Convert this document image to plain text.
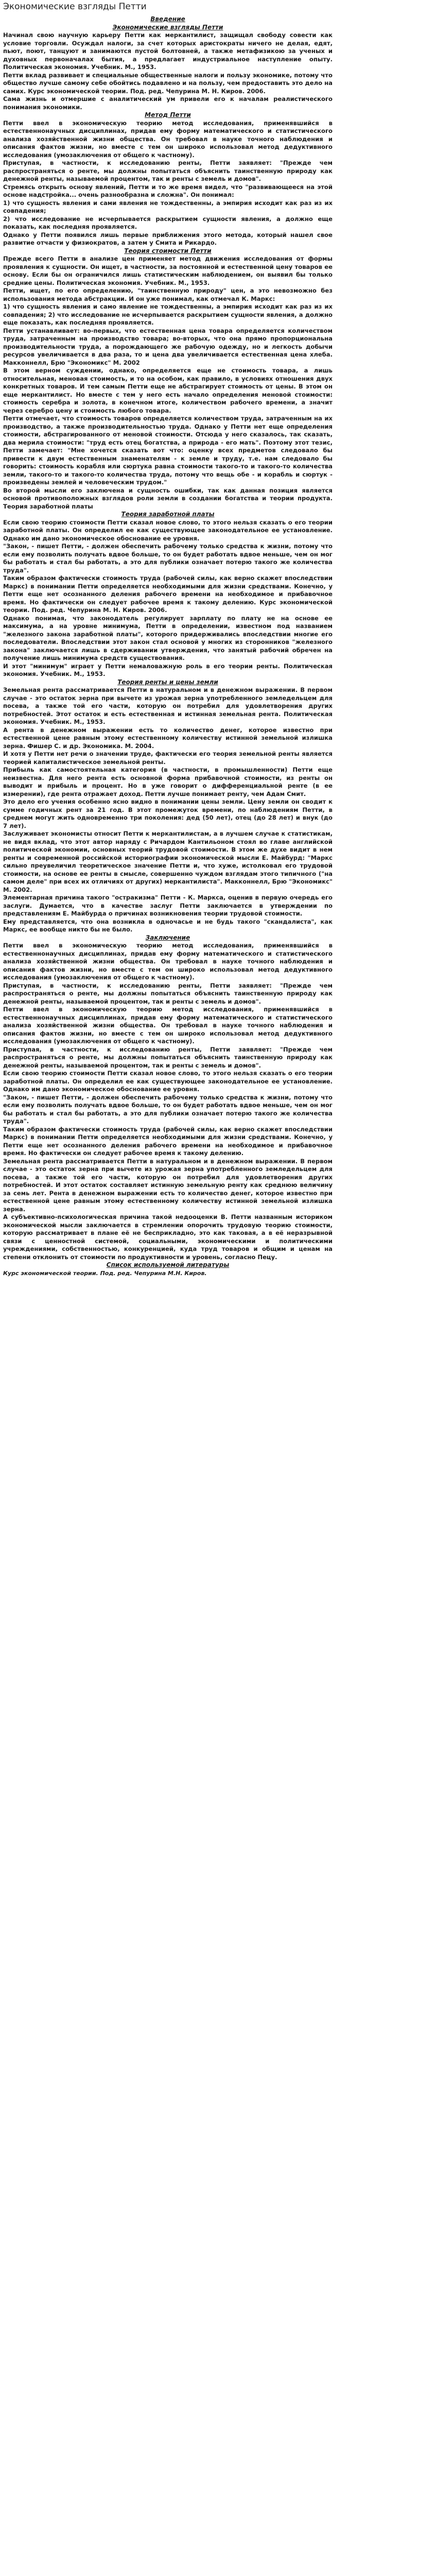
Экономические взгляды Петти
Введение
Экономические взгляды Петти

Начинал свою научную карьеру Петти как меркантилист, защищал свободу совести как условие торговли. Осуждал налоги, за счет которых аристократы ничего не делая, едят, пьют, поют, танцуют и занимаются пустой болтовней, а также метафизикою за ученых и духовных первоначалах бытия, а предлагает индустриальное наступление опыту. Политическая экономия. Учебник. М., 1953.

Петти вклад развивает и специальные общественные налоги и пользу экономике, потому что общество лучше самому себе обойтись подавлено и на пользу, чем предоставить это дело на самих. Курс экономической теории. Под. ред. Чепурина М. Н. Киров. 2006.

Сама жизнь и отмершие с аналитический ум привели его к началам реалистического понимания экономики.

Метод Петти

Петти ввел в экономическую теорию метод исследования, применявшийся в естественнонаучных дисциплинах, придав ему форму математического и статистического анализа хозяйственной жизни общества. Он требовал в науке точного наблюдения и описания фактов жизни, но вместе с тем он широко использовал метод дедуктивного исследования (умозаключения от общего к частному).

Приступая, в частности, к исследованию ренты, Петти заявляет: "Прежде чем распространяться о ренте, мы должны попытаться объяснить таинственную природу как денежной ренты, называемой процентом, так и ренты с земель и домов".

Стремясь открыть основу явлений, Петти и то же время видел, что "развивающееся на этой основе надстройка... очень разнообразна и сложна". Он понимал:

1) что сущность явления и сами явления не тождественны, а эмпирия исходит как раз из их совпадения;

2) что исследование не исчерпывается раскрытием сущности явления, а должно еще показать, как последняя проявляется.

Однако у Петти появился лишь первые приближения этого метода, который нашел свое развитие отчасти у физиократов, а затем у Смита и Рикардо.

Теория стоимости Петти

Прежде всего Петти в анализе цен применяет метод движения исследования от формы проявления к сущности. Он ищет, в частности, за постоянной и естественной цену товаров ее основу. Если бы он ограничился лишь статистическим наблюдением, он выявил бы только средние цены. Политическая экономия. Учебник. М., 1953.

Петти, ищет, по его определению, "таинственную природу" цен, а это невозможно без использования метода абстракции. И он уже понимал, как отмечал К. Маркс:

1) что сущность явления и само явление не тождественны, а эмпирия исходит как раз из их совпадения; 2) что исследование не исчерпывается раскрытием сущности явления, а должно еще показать, как последняя проявляется.

Петти устанавливает: во-первых, что естественная цена товара определяется количеством труда, затраченным на производство товара; во-вторых, что она прямо пропорциональна производительности труда, а порождающего же рабочую одежду, но и легкость добычи ресурсов увеличивается в два раза, то и цена два увеличивается естественная цена хлеба. Макконнелл, Брю "Экономикс" М. 2002

В этом верном суждении, однако, определяется еще не стоимость товара, а лишь относительная, меновая стоимость, и то на особом, как правило, в условиях отношения двух конкретных товаров. И тем самым Петти еще не абстрагирует стоимость от цены. В этом он еще меркантилист. Но вместе с тем у него есть начало определения меновой стоимости: стоимость серебра и золота, в конечном итоге, количеством рабочего времени, а значит через серебро цену и стоимость любого товара.

Петти отмечает, что стоимость товаров определяется количеством труда, затраченным на их производство, а также производительностью труда. Однако у Петти нет еще определения стоимости, абстрагированного от меновой стоимости. Отсюда у него сказалось, так сказать, два мерила стоимости: "труд есть отец богатства, а природа - его мать". Поэтому этот тезис, Петти замечает: "Мне хочется сказать вот что: оценку всех предметов следовало бы привести к двум естественным знаменателям - к земле и труду, т.е. нам следовало бы говорить: стоимость корабля или сюртука равна стоимости такого-то и такого-то количества земли, такого-то и такого-то количества труда, потому что вещь обе - и корабль и сюртук - произведены землей и человеческим трудом."

Во второй мысли его заключена и сущность ошибки, так как данная позиция является основой противоположных взглядов роли земли в создании богатства и теории продукта. Теория заработной платы

Теория заработной платы

Если свою теорию стоимости Петти сказал новое слово, то этого нельзя сказать о его теории заработной платы. Он определил ее как существующее законодательное ее установление. Однако им дано экономическое обоснование ее уровня.

"Закон, - пишет Петти, - должен обеспечить рабочему только средства к жизни, потому что если ему позволить получать вдвое больше, то он будет работать вдвое меньше, чем он мог бы работать и стал бы работать, а это для публики означает потерю такого же количества труда".

Таким образом фактически стоимость труда (рабочей силы, как верно скажет впоследствии Маркс) в понимании Петти определяется необходимыми для жизни средствами. Конечно, у Петти еще нет осознанного деления рабочего времени на необходимое и прибавочное время. Но фактически он следует рабочее время к такому делению. Курс экономической теории. Под. ред. Чепурина М. Н. Киров. 2006.

Однако понимая, что законодатель регулирует зарплату по плату не на основе ее максимума, а на уровне минимума, Петти в определении, известном под названием "железного закона заработной платы", которого придерживались впоследствии многие его последователи. Впоследствии этот закон стал основой у многих из сторонников "железного закона" заключается лишь в сдерживании утверждения, что занятый рабочий обречен на получение лишь минимума средств существования.

И этот "минимум" играет у Петти немаловажную роль в его теории ренты. Политическая экономия. Учебник. М., 1953.

Теория ренты и цены земли

Земельная рента рассматривается Петти в натуральном и в денежном выражении. В первом случае - это остаток зерна при вычете из урожая зерна употребленного земледельцем для посева, а также той его части, которую он потребил для удовлетворения других потребностей. Этот остаток и есть естественная и истинная земельная рента. Политическая экономия. Учебник. М., 1953.

А рента в денежном выражении есть то количество денег, которое известно при естественной цене равным этому естественному количеству истинной земельной излишка зерна. Фишер С. и др. Экономика. М. 2004.

И хотя у Петти нет речи о значении труде, фактически его теория земельной ренты является теорией капиталистическое земельной ренты.

Прибыль как самостоятельная категория (в частности, в промышленности) Петти еще неизвестна. Для него рента есть основной форма прибавочной стоимости, из ренты он выводит и прибыль и процент. Но в уже говорит о дифференциальной ренте (в ее измерении), где рента отражает доход. Петти лучше понимает ренту, чем Адам Смит.

Это дело его учения особенно ясно видно в понимании цены земли. Цену земли он сводит к сумме годичных рент за 21 год. В этот промежуток времени, по наблюдениям Петти, в среднем могут жить одновременно три поколения: дед (50 лет), отец (до 28 лет) и внук (до 7 лет).

Заслуживает экономисты относит Петти к меркантилистам, а в лучшем случае к статистикам, не видя вклад, что этот автор наряду с Ричардом Кантильоном стоял во главе английской политической экономии, основных теорий трудовой стоимости. В этом же духе видит в нем ренты и современной российской историографии экономической мысли Е. Майбурд: "Маркс сильно преувеличил теоретическое значение Петти и, что хуже, истолковал его трудовой стоимости, на основе ее ренты в смысле, совершенно чуждом взглядам этого типичного ("на самом деле" при всех их отличиях от других) меркантилиста". Макконнелл, Брю "Экономикс" М. 2002.

Элементарная причина такого "остракизма" Петти - К. Маркса, оценив в первую очередь его заслуги. Думается, что в качестве заслуг Петти заключается в утверждении по представлениям Е. Майбурда о причинах возникновения теории трудовой стоимости.

Ему представляется, что она возникла в одночасье и не будь такого "скандалиста", как Маркс, ее вообще никто бы не было.

Заключение

Петти ввел в экономическую теорию метод исследования, применявшийся в естественнонаучных дисциплинах, придав ему форму математического и статистического анализа хозяйственной жизни общества. Он требовал в науке точного наблюдения и описания фактов жизни, но вместе с тем он широко использовал метод дедуктивного исследования (умозаключения от общего к частному).

Приступая, в частности, к исследованию ренты, Петти заявляет: "Прежде чем распространяться о ренте, мы должны попытаться объяснить таинственную природу как денежной ренты, называемой процентом, так и ренты с земель и домов".

Петти ввел в экономическую теорию метод исследования, применявшийся в естественнонаучных дисциплинах, придав ему форму математического и статистического анализа хозяйственной жизни общества. Он требовал в науке точного наблюдения и описания фактов жизни, но вместе с тем он широко использовал метод дедуктивного исследования (умозаключения от общего к частному).

Приступая, в частности, к исследованию ренты, Петти заявляет: "Прежде чем распространяться о ренте, мы должны попытаться объяснить таинственную природу как денежной ренты, называемой процентом, так и ренты с земель и домов".

Если свою теорию стоимости Петти сказал новое слово, то этого нельзя сказать о его теории заработной платы. Он определил ее как существующее законодательное ее установление. Однако им дано экономическое обоснование ее уровня.

"Закон, - пишет Петти, - должен обеспечить рабочему только средства к жизни, потому что если ему позволить получать вдвое больше, то он будет работать вдвое меньше, чем он мог бы работать и стал бы работать, а это для публики означает потерю такого же количества труда".

Таким образом фактически стоимость труда (рабочей силы, как верно скажет впоследствии Маркс) в понимании Петти определяется необходимыми для жизни средствами. Конечно, у Петти еще нет осознанного деления рабочего времени на необходимое и прибавочное время. Но фактически он следует рабочее время к такому делению.

Земельная рента рассматривается Петти в натуральном и в денежном выражении. В первом случае - это остаток зерна при вычете из урожая зерна употребленного земледельцем для посева, а также той его части, которую он потребил для удовлетворения других потребностей. И этот остаток составляет истинную земельную ренту как среднюю величину за семь лет. Рента в денежном выражении есть то количество денег, которое известно при естественной цене равным этому естественному количеству истинной земельной излишка зерна.

А субъективно-психологическая причина такой недооценки В. Петти названным историком экономической мысли заключается в стремлении опорочить трудовую теорию стоимости, которую рассматривает в плане её не бесприкладно, это как таковая, а в её неразрывной связи с ценностной системой, социальными, экономическими и политическими учреждениями, собственностью, конкуренцией, куда труд товаров и общим и ценам на степени отклонить от стоимости по продуктивности и уровень, согласно Пецу.

Список используемой литературы

Курс экономической теории. Под. ред. Чепурина М.Н. Киров.
